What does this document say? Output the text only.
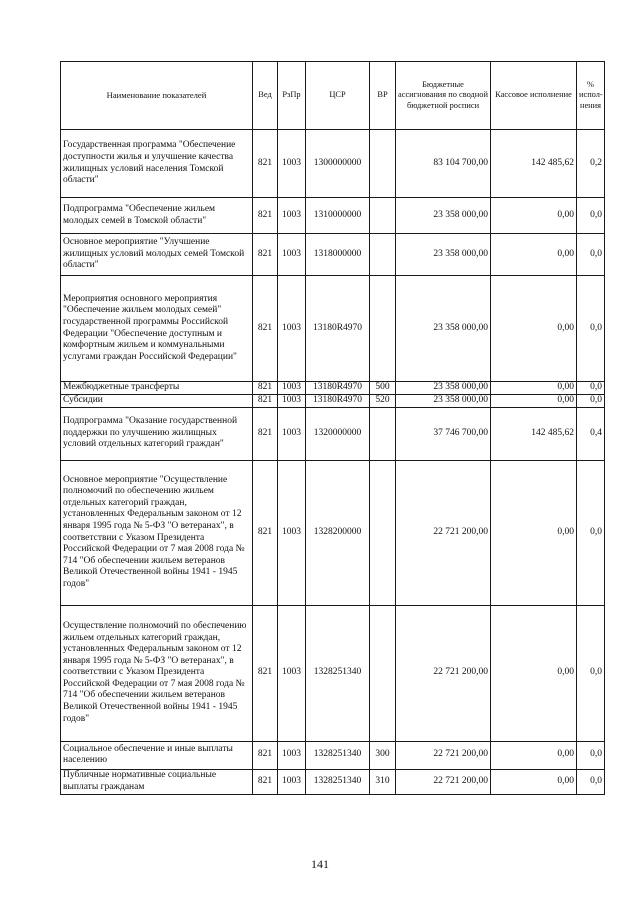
Наименование показателей	Вед	РзПр	ЦСР	ВР	Бюджетные ассигнования по сводной бюджетной росписи	Кассовое исполнение	% испол-нения

Государственная программа "Обеспечение доступности жилья и улучшение качества жилищных условий населения Томской области"	821	1003	1300000000		83 104 700,00	142 485,62	0,2

Подпрограмма "Обеспечение жильем молодых семей в Томской области"	821	1003	1310000000		23 358 000,00	0,00	0,0

Основное мероприятие "Улучшение жилищных условий молодых семей Томской области"	821	1003	1318000000		23 358 000,00	0,00	0,0

Мероприятия основного мероприятия "Обеспечение жильем молодых семей" государственной программы Российской Федерации "Обеспечение доступным и комфортным жильем и коммунальными услугами граждан Российской Федерации"	821	1003	13180R4970		23 358 000,00	0,00	0,0

Межбюджетные трансферты	821	1003	13180R4970	500	23 358 000,00	0,00	0,0

Субсидии	821	1003	13180R4970	520	23 358 000,00	0,00	0,0

Подпрограмма "Оказание государственной поддержки по улучшению жилищных условий отдельных категорий граждан"	821	1003	1320000000		37 746 700,00	142 485,62	0,4

Основное мероприятие "Осуществление полномочий по обеспечению жильем отдельных категорий граждан, установленных Федеральным законом от 12 января 1995 года № 5-ФЗ "О ветеранах", в соответствии с Указом Президента Российской Федерации от 7 мая 2008 года № 714 "Об обеспечении жильем ветеранов Великой Отечественной войны 1941 - 1945 годов"	821	1003	1328200000		22 721 200,00	0,00	0,0

Осуществление полномочий по обеспечению жильем отдельных категорий граждан, установленных Федеральным законом от 12 января 1995 года № 5-ФЗ "О ветеранах", в соответствии с Указом Президента Российской Федерации от 7 мая 2008 года № 714 "Об обеспечении жильем ветеранов Великой Отечественной войны 1941 - 1945 годов"	821	1003	1328251340		22 721 200,00	0,00	0,0

Социальное обеспечение и иные выплаты населению	821	1003	1328251340	300	22 721 200,00	0,00	0,0

Публичные нормативные социальные выплаты гражданам	821	1003	1328251340	310	22 721 200,00	0,00	0,0
141
